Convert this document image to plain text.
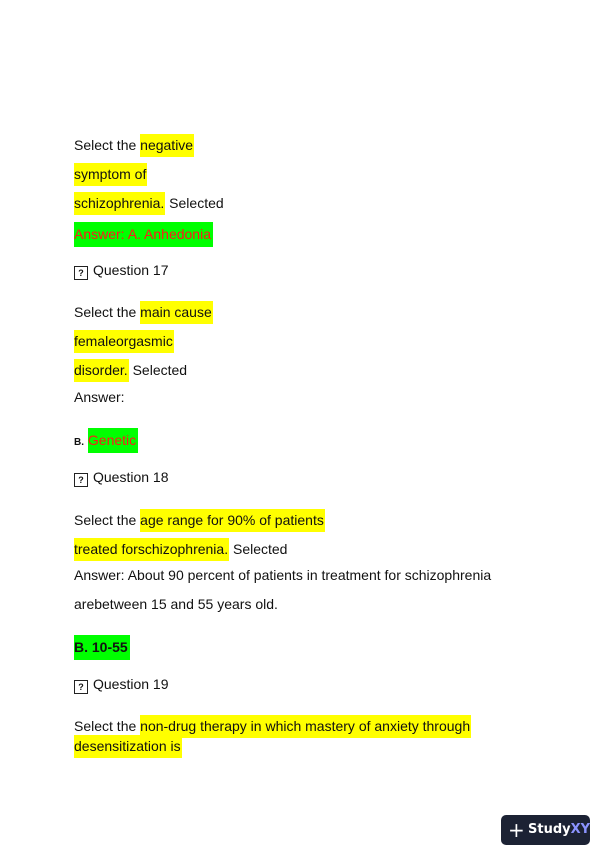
Select the negative
symptom of
schizophrenia. Selected
Answer: A. Anhedonia
? Question 17
Select the main cause
femaleorgasmic
disorder. Selected
Answer:
B. Genetic
? Question 18
Select the age range for 90% of patients
treated forschizophrenia. Selected
Answer: About 90 percent of patients in treatment for schizophrenia
arebetween 15 and 55 years old.
B. 10-55
? Question 19
Select the non-drug therapy in which mastery of anxiety through
desensitization is
+ StudyXY
